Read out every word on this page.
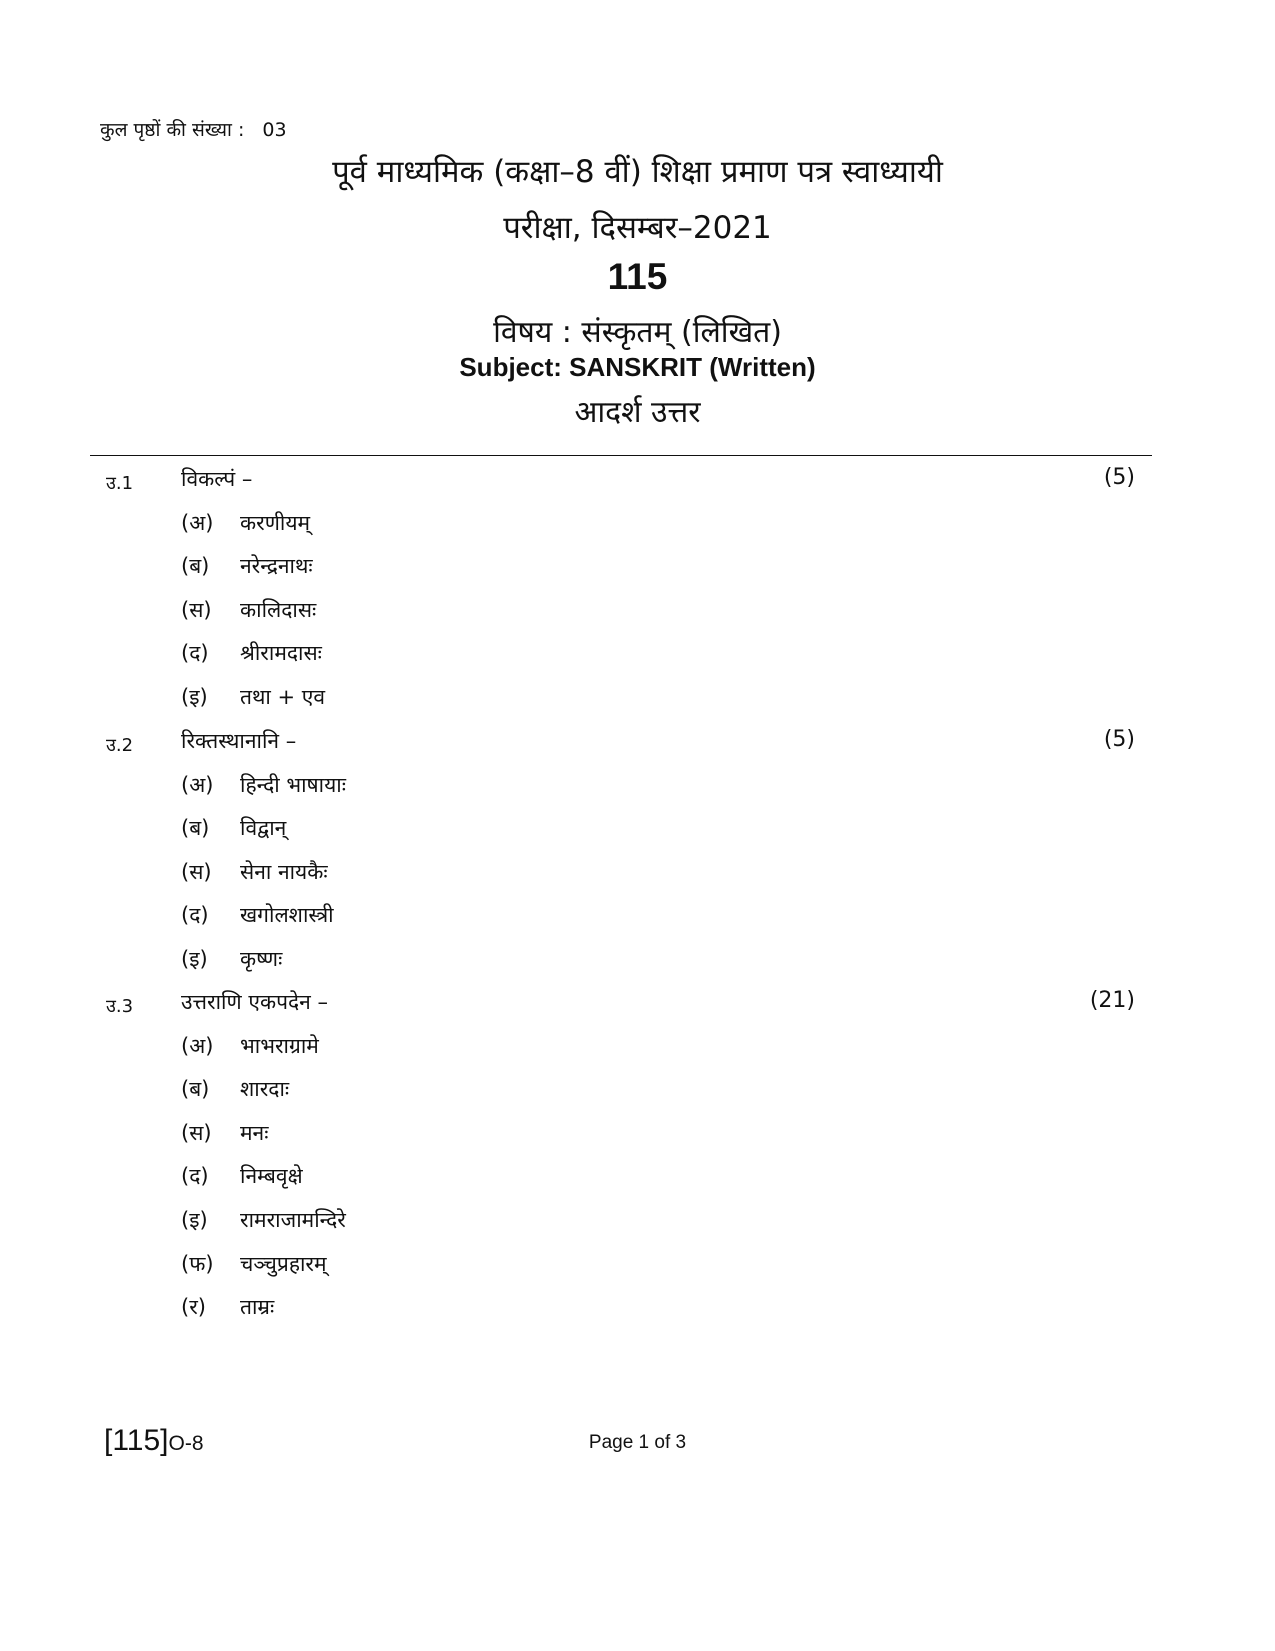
कुल पृष्ठों की संख्या : 03
पूर्व माध्यमिक (कक्षा–8 वीं) शिक्षा प्रमाण पत्र स्वाध्यायी
परीक्षा, दिसम्बर–2021
115
विषय : संस्कृतम् (लिखित)
Subject: SANSKRIT (Written)
आदर्श उत्तर
उ.1 विकल्पं –	(5)
(अ) करणीयम्
(ब) नरेन्द्रनाथः
(स) कालिदासः
(द) श्रीरामदासः
(इ) तथा + एव
उ.2 रिक्तस्थानानि –	(5)
(अ) हिन्दी भाषायाः
(ब) विद्वान्
(स) सेना नायकैः
(द) खगोलशास्त्री
(इ) कृष्णः
उ.3 उत्तराणि एकपदेन –	(21)
(अ) भाभराग्रामे
(ब) शारदाः
(स) मनः
(द) निम्बवृक्षे
(इ) रामराजामन्दिरे
(फ) चञ्चुप्रहारम्
(र) ताम्रः
[115]O-8	Page 1 of 3
